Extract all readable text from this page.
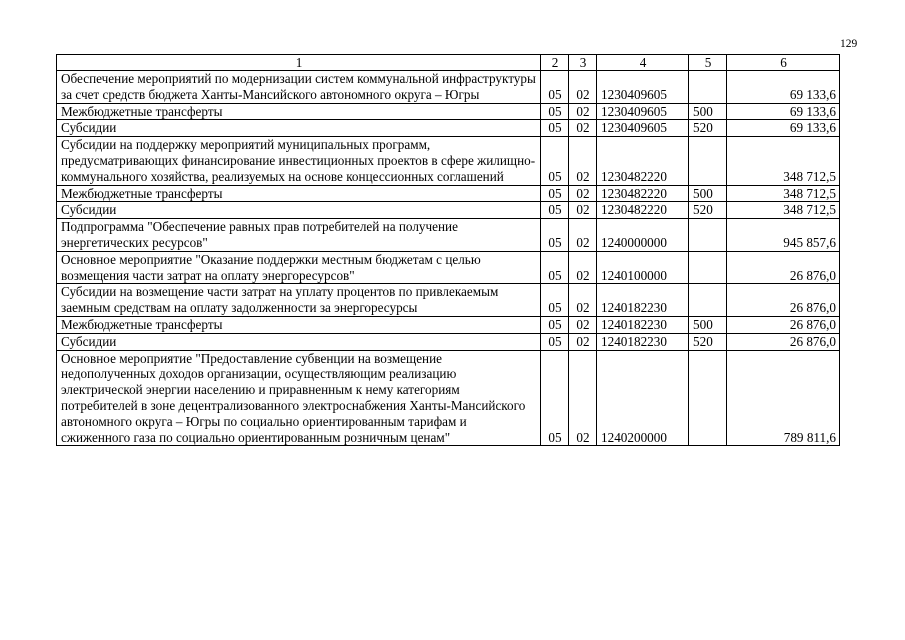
129
1	2	3	4	5	6
Обеспечение мероприятий по модернизации систем коммунальной инфраструктуры за счет средств бюджета Ханты-Мансийского автономного округа – Югры	05	02	1230409605		69 133,6
Межбюджетные трансферты	05	02	1230409605	500	69 133,6
Субсидии	05	02	1230409605	520	69 133,6
Субсидии на поддержку мероприятий муниципальных программ, предусматривающих финансирование инвестиционных проектов в сфере жилищно-коммунального хозяйства, реализуемых на основе концессионных соглашений	05	02	1230482220		348 712,5
Межбюджетные трансферты	05	02	1230482220	500	348 712,5
Субсидии	05	02	1230482220	520	348 712,5
Подпрограмма "Обеспечение равных прав потребителей на получение энергетических ресурсов"	05	02	1240000000		945 857,6
Основное мероприятие "Оказание поддержки местным бюджетам с целью возмещения части затрат на оплату энергоресурсов"	05	02	1240100000		26 876,0
Субсидии на возмещение части затрат на уплату процентов по привлекаемым заемным средствам на оплату задолженности за энергоресурсы	05	02	1240182230		26 876,0
Межбюджетные трансферты	05	02	1240182230	500	26 876,0
Субсидии	05	02	1240182230	520	26 876,0
Основное мероприятие "Предоставление субвенции на возмещение недополученных доходов организации, осуществляющим реализацию электрической энергии населению и приравненным к нему категориям потребителей в зоне децентрализованного электроснабжения Ханты-Мансийского автономного округа – Югры по социально ориентированным тарифам и сжиженного газа по социально ориентированным розничным ценам"	05	02	1240200000		789 811,6
